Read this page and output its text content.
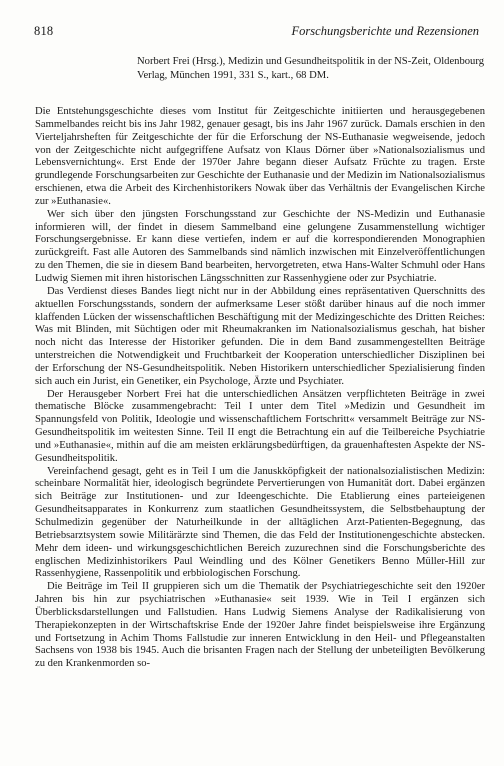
818	Forschungsberichte und Rezensionen
Norbert Frei (Hrsg.), Medizin und Gesundheitspolitik in der NS-Zeit, Oldenbourg Verlag, München 1991, 331 S., kart., 68 DM.

Die Entstehungsgeschichte dieses vom Institut für Zeitgeschichte initiierten und herausgegebenen Sammelbandes reicht bis ins Jahr 1982, genauer gesagt, bis ins Jahr 1967 zurück. Damals erschien in den Vierteljahrsheften für Zeitgeschichte der für die Erforschung der NS-Euthanasie wegweisende, jedoch von der Zeitgeschichte nicht aufgegriffene Aufsatz von Klaus Dörner über »Nationalsozialismus und Lebensvernichtung«. Erst Ende der 1970er Jahre begann dieser Aufsatz Früchte zu tragen. Erste grundlegende Forschungsarbeiten zur Geschichte der Euthanasie und der Medizin im Nationalsozialismus erschienen, etwa die Arbeit des Kirchenhistorikers Nowak über das Verhältnis der Evangelischen Kirche zur »Euthanasie«.

Wer sich über den jüngsten Forschungsstand zur Geschichte der NS-Medizin und Euthanasie informieren will, der findet in diesem Sammelband eine gelungene Zusammenstellung wichtiger Forschungsergebnisse. Er kann diese vertiefen, indem er auf die korrespondierenden Monographien zurückgreift. Fast alle Autoren des Sammelbands sind nämlich inzwischen mit Einzelveröffentlichungen zu den Themen, die sie in diesem Band bearbeiten, hervorgetreten, etwa Hans-Walter Schmuhl oder Hans Ludwig Siemen mit ihren historischen Längsschnitten zur Rassenhygiene oder zur Psychiatrie.

Das Verdienst dieses Bandes liegt nicht nur in der Abbildung eines repräsentativen Querschnitts des aktuellen Forschungsstands, sondern der aufmerksame Leser stößt darüber hinaus auf die noch immer klaffenden Lücken der wissenschaftlichen Beschäftigung mit der Medizingeschichte des Dritten Reiches: Was mit Blinden, mit Süchtigen oder mit Rheumakranken im Nationalsozialismus geschah, hat bisher noch nicht das Interesse der Historiker gefunden. Die in dem Band zusammengestellten Beiträge unterstreichen die Notwendigkeit und Fruchtbarkeit der Kooperation unterschiedlicher Disziplinen bei der Erforschung der NS-Gesundheitspolitik. Neben Historikern unterschiedlicher Spezialisierung finden sich auch ein Jurist, ein Genetiker, ein Psychologe, Ärzte und Psychiater.

Der Herausgeber Norbert Frei hat die unterschiedlichen Ansätzen verpflichteten Beiträge in zwei thematische Blöcke zusammengebracht: Teil I unter dem Titel »Medizin und Gesundheit im Spannungsfeld von Politik, Ideologie und wissenschaftlichem Fortschritt« versammelt Beiträge zur NS-Gesundheitspolitik im weitesten Sinne. Teil II engt die Betrachtung ein auf die Teilbereiche Psychiatrie und »Euthanasie«, mithin auf die am meisten erklärungsbedürftigen, da grauenhaftesten Aspekte der NS-Gesundheitspolitik.

Vereinfachend gesagt, geht es in Teil I um die Januskköpfigkeit der nationalsozialistischen Medizin: scheinbare Normalität hier, ideologisch begründete Pervertierungen von Humanität dort. Dabei ergänzen sich Beiträge zur Institutionen- und zur Ideengeschichte. Die Etablierung eines parteieigenen Gesundheitsapparates in Konkurrenz zum staatlichen Gesundheitssystem, die Selbstbehauptung der Schulmedizin gegenüber der Naturheilkunde in der alltäglichen Arzt-Patienten-Begegnung, das Betriebsarztsystem sowie Militärärzte sind Themen, die das Feld der Institutionengeschichte abstecken. Mehr dem ideen- und wirkungsgeschichtlichen Bereich zuzurechnen sind die Forschungsberichte des englischen Medizinhistorikers Paul Weindling und des Kölner Genetikers Benno Müller-Hill zur Rassenhygiene, Rassenpolitik und erbbiologischen Forschung.

Die Beiträge im Teil II gruppieren sich um die Thematik der Psychiatriegeschichte seit den 1920er Jahren bis hin zur psychiatrischen »Euthanasie« seit 1939. Wie in Teil I ergänzen sich Überblicksdarstellungen und Fallstudien. Hans Ludwig Siemens Analyse der Radikalisierung von Therapiekonzepten in der Wirtschaftskrise Ende der 1920er Jahre findet beispielsweise ihre Ergänzung und Fortsetzung in Achim Thoms Fallstudie zur inneren Entwicklung in den Heil- und Pflegeanstalten Sachsens von 1938 bis 1945. Auch die brisanten Fragen nach der Stellung der unbeteiligten Bevölkerung zu den Krankenmorden so-
